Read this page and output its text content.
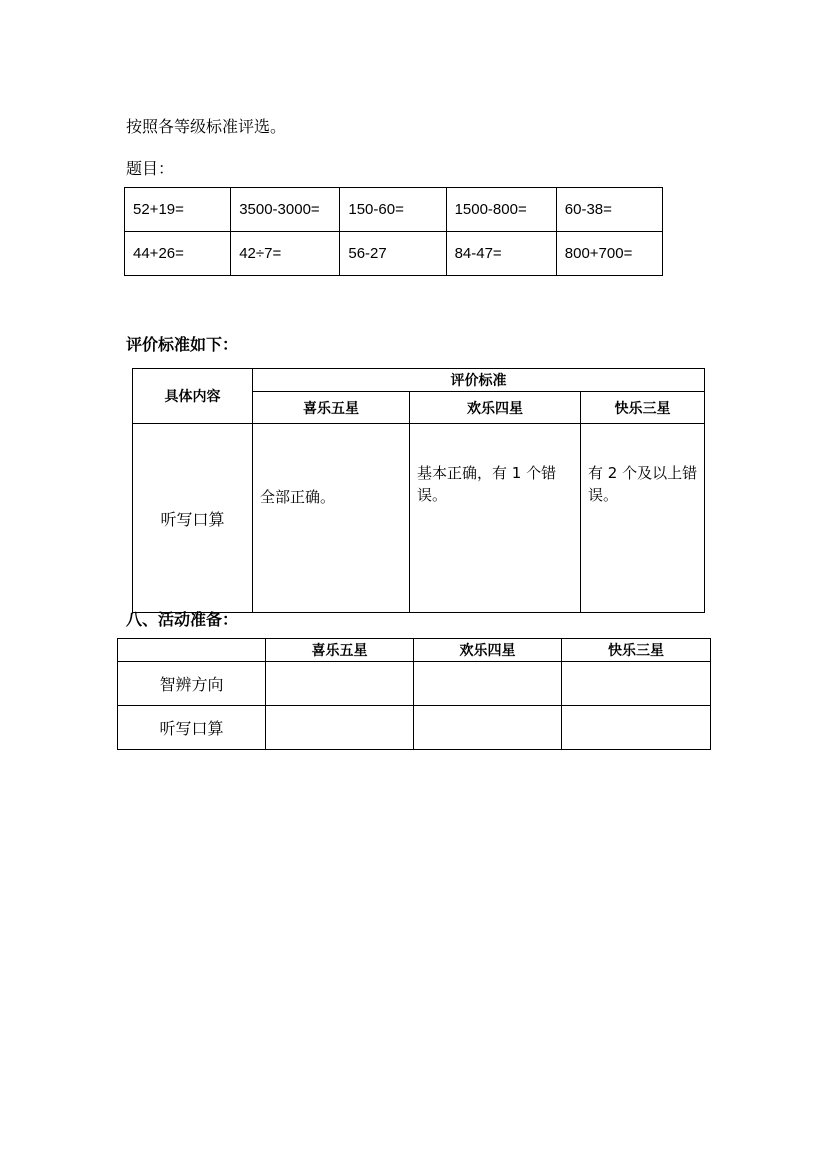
按照各等级标准评选。
题目：
52+19=	3500-3000=	150-60=	1500-800=	60-38=
44+26=	42÷7=	56-27	84-47=	800+700=
评价标准如下：
具体内容	评价标准		
	喜乐五星	欢乐四星	快乐三星
听写口算	全部正确。	基本正确，有 1 个错误。	有 2 个及以上错误。
八、活动准备：
	喜乐五星	欢乐四星	快乐三星
智辨方向			
听写口算			
